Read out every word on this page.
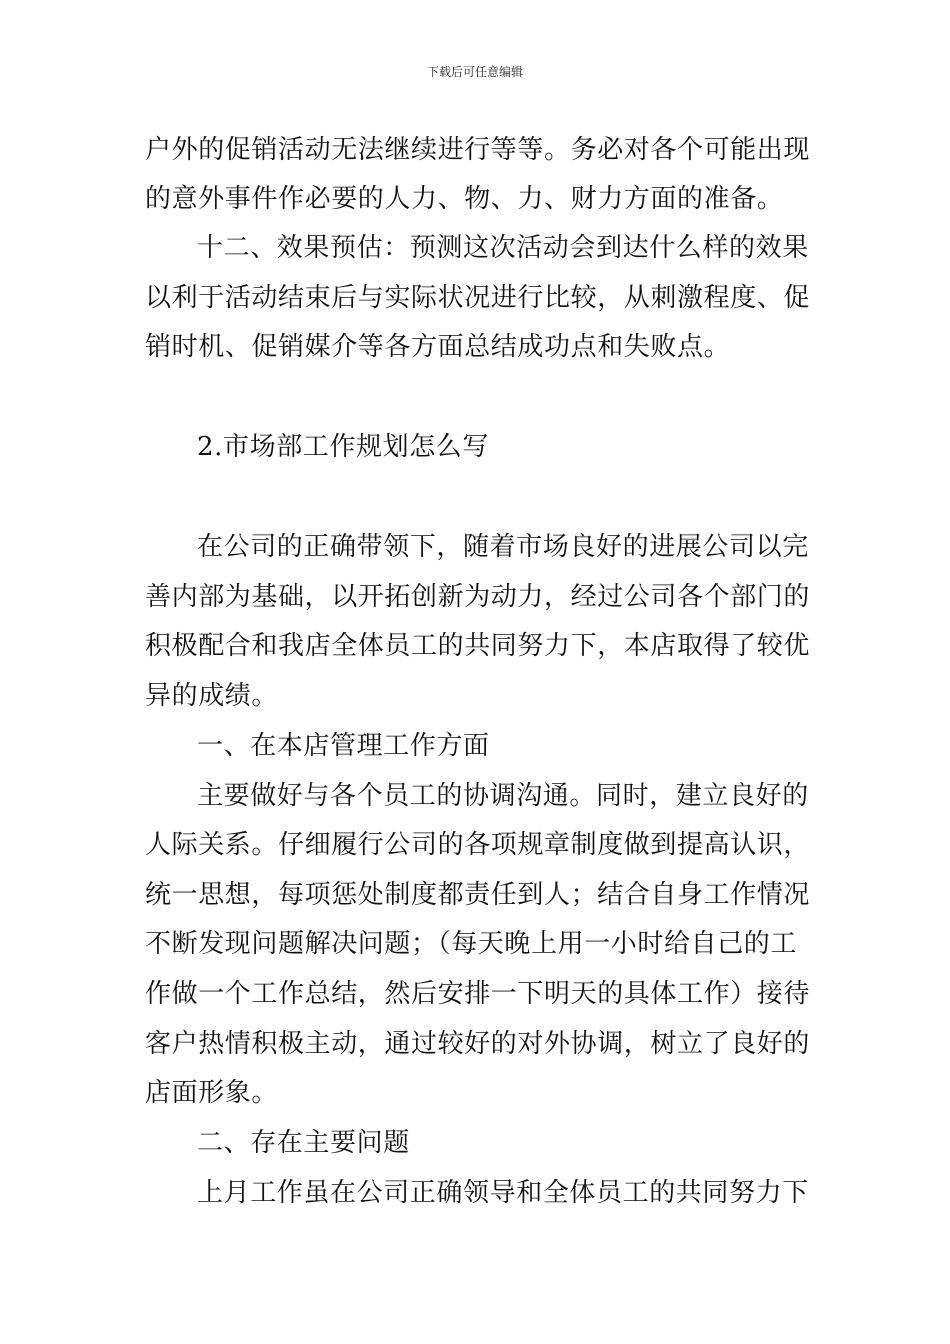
下载后可任意编辑
户外的促销活动无法继续进行等等。务必对各个可能出现
的意外事件作必要的人力、物、力、财力方面的准备。
十二、效果预估：预测这次活动会到达什么样的效果
以利于活动结束后与实际状况进行比较，从刺激程度、促
销时机、促销媒介等各方面总结成功点和失败点。
2.市场部工作规划怎么写
在公司的正确带领下，随着市场良好的进展公司以完
善内部为基础，以开拓创新为动力，经过公司各个部门的
积极配合和我店全体员工的共同努力下，本店取得了较优
异的成绩。
一、在本店管理工作方面
主要做好与各个员工的协调沟通。同时，建立良好的
人际关系。仔细履行公司的各项规章制度做到提高认识，
统一思想，每项惩处制度都责任到人；结合自身工作情况
不断发现问题解决问题；（每天晚上用一小时给自己的工
作做一个工作总结，然后安排一下明天的具体工作）接待
客户热情积极主动，通过较好的对外协调，树立了良好的
店面形象。
二、存在主要问题
上月工作虽在公司正确领导和全体员工的共同努力下
